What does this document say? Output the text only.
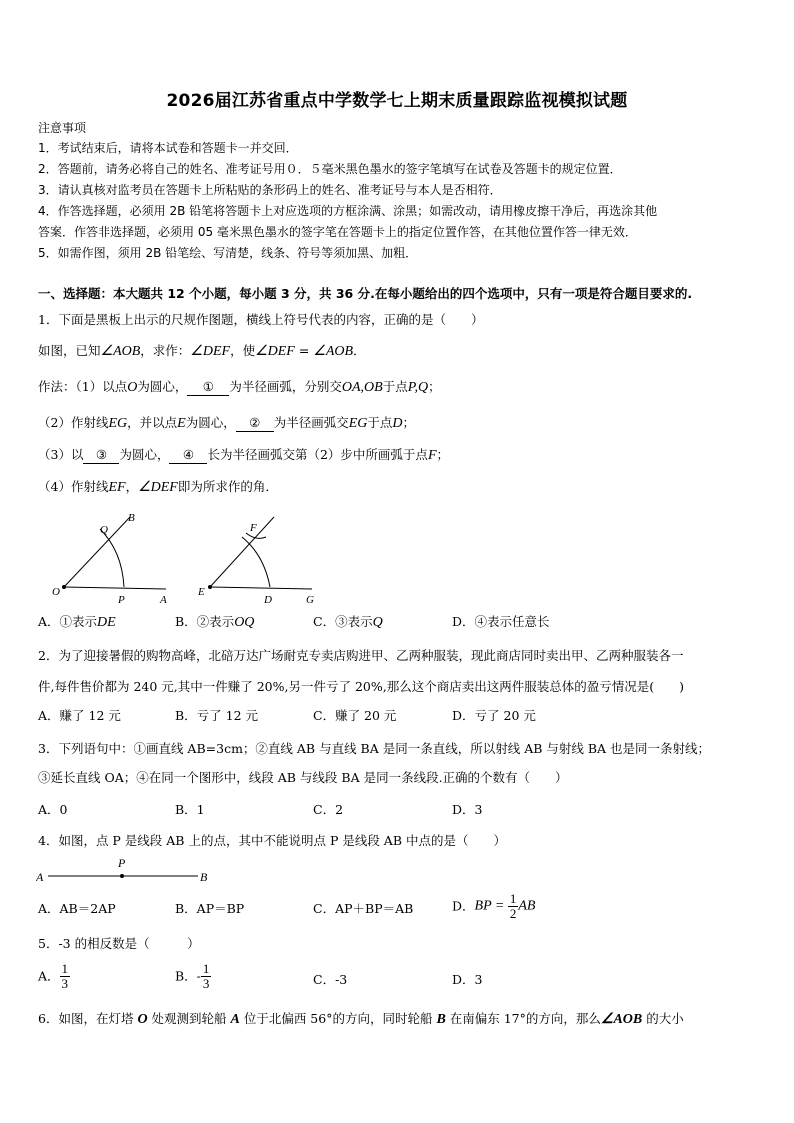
2026届江苏省重点中学数学七上期末质量跟踪监视模拟试题
注意事项
1．考试结束后，请将本试卷和答题卡一并交回．
2．答题前，请务必将自己的姓名、准考证号用０．５毫米黑色墨水的签字笔填写在试卷及答题卡的规定位置．
3．请认真核对监考员在答题卡上所粘贴的条形码上的姓名、准考证号与本人是否相符．
4．作答选择题，必须用 2B 铅笔将答题卡上对应选项的方框涂满、涂黑；如需改动，请用橡皮擦干净后，再选涂其他
答案．作答非选择题，必须用 05 毫米黑色墨水的签字笔在答题卡上的指定位置作答，在其他位置作答一律无效．
5．如需作图，须用 2B 铅笔绘、写清楚，线条、符号等须加黑、加粗．
一、选择题：本大题共 12 个小题，每小题 3 分，共 36 分.在每小题给出的四个选项中，只有一项是符合题目要求的.
1．下面是黑板上出示的尺规作图题，横线上符号代表的内容，正确的是（　　）
如图，已知∠AOB，求作：∠DEF，使∠DEF = ∠AOB．
作法：（1）以点O为圆心， ① 为半径画弧，分别交OA,OB于点P,Q；
（2）作射线EG，并以点E为圆心， ② 为半径画弧交EG于点D；
（3）以 ③ 为圆心， ④ 长为半径画弧交第（2）步中所画弧于点F；
（4）作射线EF，∠DEF即为所求作的角．
B
Q
O
P	A
F
E
D	G
A．①表示DE	B．②表示OQ	C．③表示Q	D．④表示任意长
2．为了迎接暑假的购物高峰，北碚万达广场耐克专卖店购进甲、乙两种服装，现此商店同时卖出甲、乙两种服装各一
件,每件售价都为 240 元,其中一件赚了 20%,另一件亏了 20%,那么这个商店卖出这两件服装总体的盈亏情况是(　　)
A．赚了 12 元	B．亏了 12 元	C．赚了 20 元	D．亏了 20 元
3．下列语句中：①画直线 AB=3cm；②直线 AB 与直线 BA 是同一条直线，所以射线 AB 与射线 BA 也是同一条射线；
③延长直线 OA；④在同一个图形中，线段 AB 与线段 BA 是同一条线段.正确的个数有（　　）
A．0	B．1	C．2	D．3
4．如图，点 P 是线段 AB 上的点，其中不能说明点 P 是线段 AB 中点的是（　　）
A
P
B
A．AB＝2AP	B．AP＝BP	C．AP＋BP＝AB	D．BP = $\frac{1}{2}$ AB
5．-3 的相反数是（　　　）
A． $\frac{1}{3}$	B．- $\frac{1}{3}$	C．-3	D．3
6．如图，在灯塔 O 处观测到轮船 A 位于北偏西 56°的方向，同时轮船 B 在南偏东 17°的方向，那么∠AOB 的大小
